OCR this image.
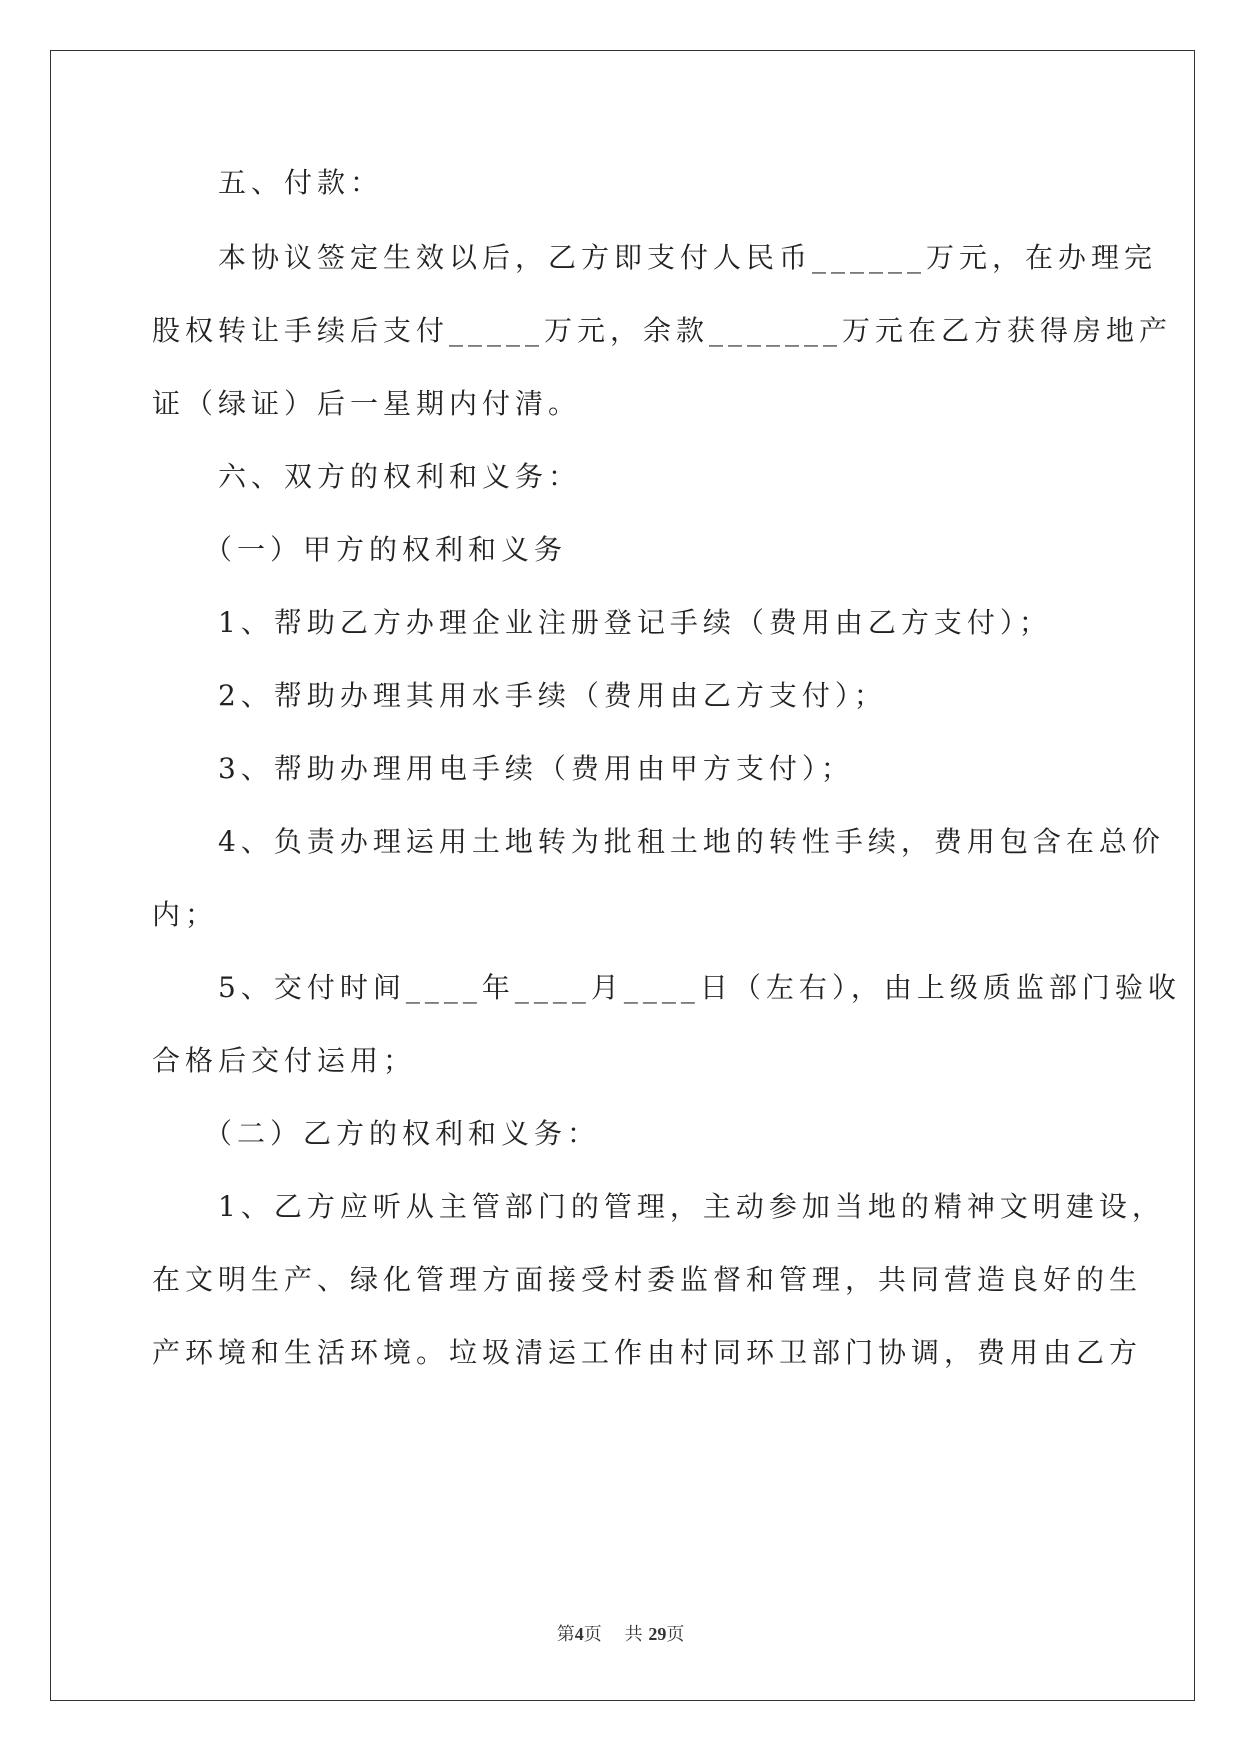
　　五、付款：
　　本协议签定生效以后，乙方即支付人民币______万元，在办理完
股权转让手续后支付_____万元，余款_______万元在乙方获得房地产
证（绿证）后一星期内付清。
　　六、双方的权利和义务：
　　（一）甲方的权利和义务
　　1、帮助乙方办理企业注册登记手续（费用由乙方支付）；
　　2、帮助办理其用水手续（费用由乙方支付）；
　　3、帮助办理用电手续（费用由甲方支付）；
　　4、负责办理运用土地转为批租土地的转性手续，费用包含在总价
内；
　　5、交付时间____年____月____日（左右），由上级质监部门验收
合格后交付运用；
　　（二）乙方的权利和义务：
　　1、乙方应听从主管部门的管理，主动参加当地的精神文明建设，
在文明生产、绿化管理方面接受村委监督和管理，共同营造良好的生
产环境和生活环境。垃圾清运工作由村同环卫部门协调，费用由乙方
第4页 共 29页
